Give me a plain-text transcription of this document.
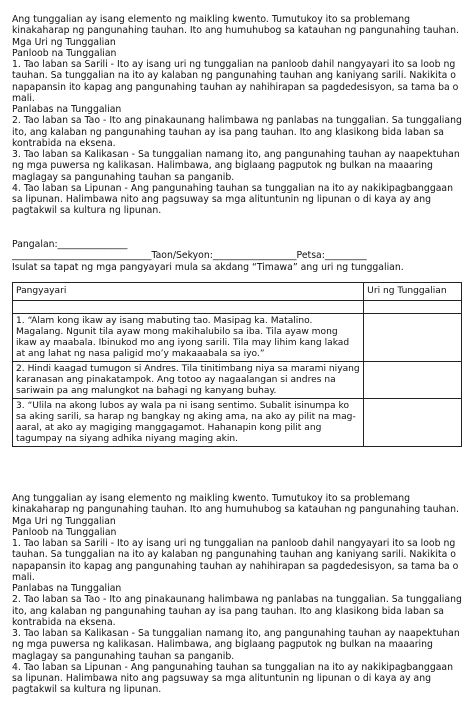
Ang tunggalian ay isang elemento ng maikling kwento. Tumutukoy ito sa problemang kinakaharap ng pangunahing tauhan. Ito ang humuhubog sa katauhan ng pangunahing tauhan.

Mga Uri ng Tunggalian

Panloob na Tunggalian

1. Tao laban sa Sarili - Ito ay isang uri ng tunggalian na panloob dahil nangyayari ito sa loob ng tauhan. Sa tunggalian na ito ay kalaban ng pangunahing tauhan ang kaniyang sarili. Nakikita o napapansin ito kapag ang pangunahing tauhan ay nahihirapan sa pagdedesisyon, sa tama ba o mali.

Panlabas na Tunggalian

2. Tao laban sa Tao - Ito ang pinakaunang halimbawa ng panlabas na tunggalian. Sa tunggaliang ito, ang kalaban ng pangunahing tauhan ay isa pang tauhan. Ito ang klasikong bida laban sa kontrabida na eksena.

3. Tao laban sa Kalikasan - Sa tunggalian namang ito, ang pangunahing tauhan ay naapektuhan ng mga puwersa ng kalikasan. Halimbawa, ang biglaang pagputok ng bulkan na maaaring maglagay sa pangunahing tauhan sa panganib.

4. Tao laban sa Lipunan - Ang pangunahing tauhan sa tunggalian na ito ay nakikipagbanggaan sa lipunan. Halimbawa nito ang pagsuway sa mga alituntunin ng lipunan o di kaya ay ang pagtakwil sa kultura ng lipunan.

Pangalan:_______________

______________________________Taon/Sekyon:__________________Petsa:_________

Isulat sa tapat ng mga pangyayari mula sa akdang “Timawa” ang uri ng tunggalian.

Pangyayari	Uri ng Tunggalian

1. “Alam kong ikaw ay isang mabuting tao. Masipag ka. Matalino. Magalang. Ngunit tila ayaw mong makihalubilo sa iba. Tila ayaw mong ikaw ay maabala. Ibinukod mo ang iyong sarili. Tila may lihim kang lakad at ang lahat ng nasa paligid mo’y makaaabala sa iyo.”	
2. Hindi kaagad tumugon si Andres. Tila tinitimbang niya sa marami niyang karanasan ang pinakatampok. Ang totoo ay nagaalangan si andres na sariwain pa ang malungkot na bahagi ng kanyang buhay.	
3. “Ulila na akong lubos ay wala pa ni isang sentimo. Subalit isinumpa ko sa aking sarili, sa harap ng bangkay ng aking ama, na ako ay pilit na mag-aaral, at ako ay magiging manggagamot. Hahanapin kong pilit ang tagumpay na siyang adhika niyang maging akin.	

Ang tunggalian ay isang elemento ng maikling kwento. Tumutukoy ito sa problemang kinakaharap ng pangunahing tauhan. Ito ang humuhubog sa katauhan ng pangunahing tauhan.

Mga Uri ng Tunggalian

Panloob na Tunggalian

1. Tao laban sa Sarili - Ito ay isang uri ng tunggalian na panloob dahil nangyayari ito sa loob ng tauhan. Sa tunggalian na ito ay kalaban ng pangunahing tauhan ang kaniyang sarili. Nakikita o napapansin ito kapag ang pangunahing tauhan ay nahihirapan sa pagdedesisyon, sa tama ba o mali.

Panlabas na Tunggalian

2. Tao laban sa Tao - Ito ang pinakaunang halimbawa ng panlabas na tunggalian. Sa tunggaliang ito, ang kalaban ng pangunahing tauhan ay isa pang tauhan. Ito ang klasikong bida laban sa kontrabida na eksena.

3. Tao laban sa Kalikasan - Sa tunggalian namang ito, ang pangunahing tauhan ay naapektuhan ng mga puwersa ng kalikasan. Halimbawa, ang biglaang pagputok ng bulkan na maaaring maglagay sa pangunahing tauhan sa panganib.

4. Tao laban sa Lipunan - Ang pangunahing tauhan sa tunggalian na ito ay nakikipagbanggaan sa lipunan. Halimbawa nito ang pagsuway sa mga alituntunin ng lipunan o di kaya ay ang pagtakwil sa kultura ng lipunan.
